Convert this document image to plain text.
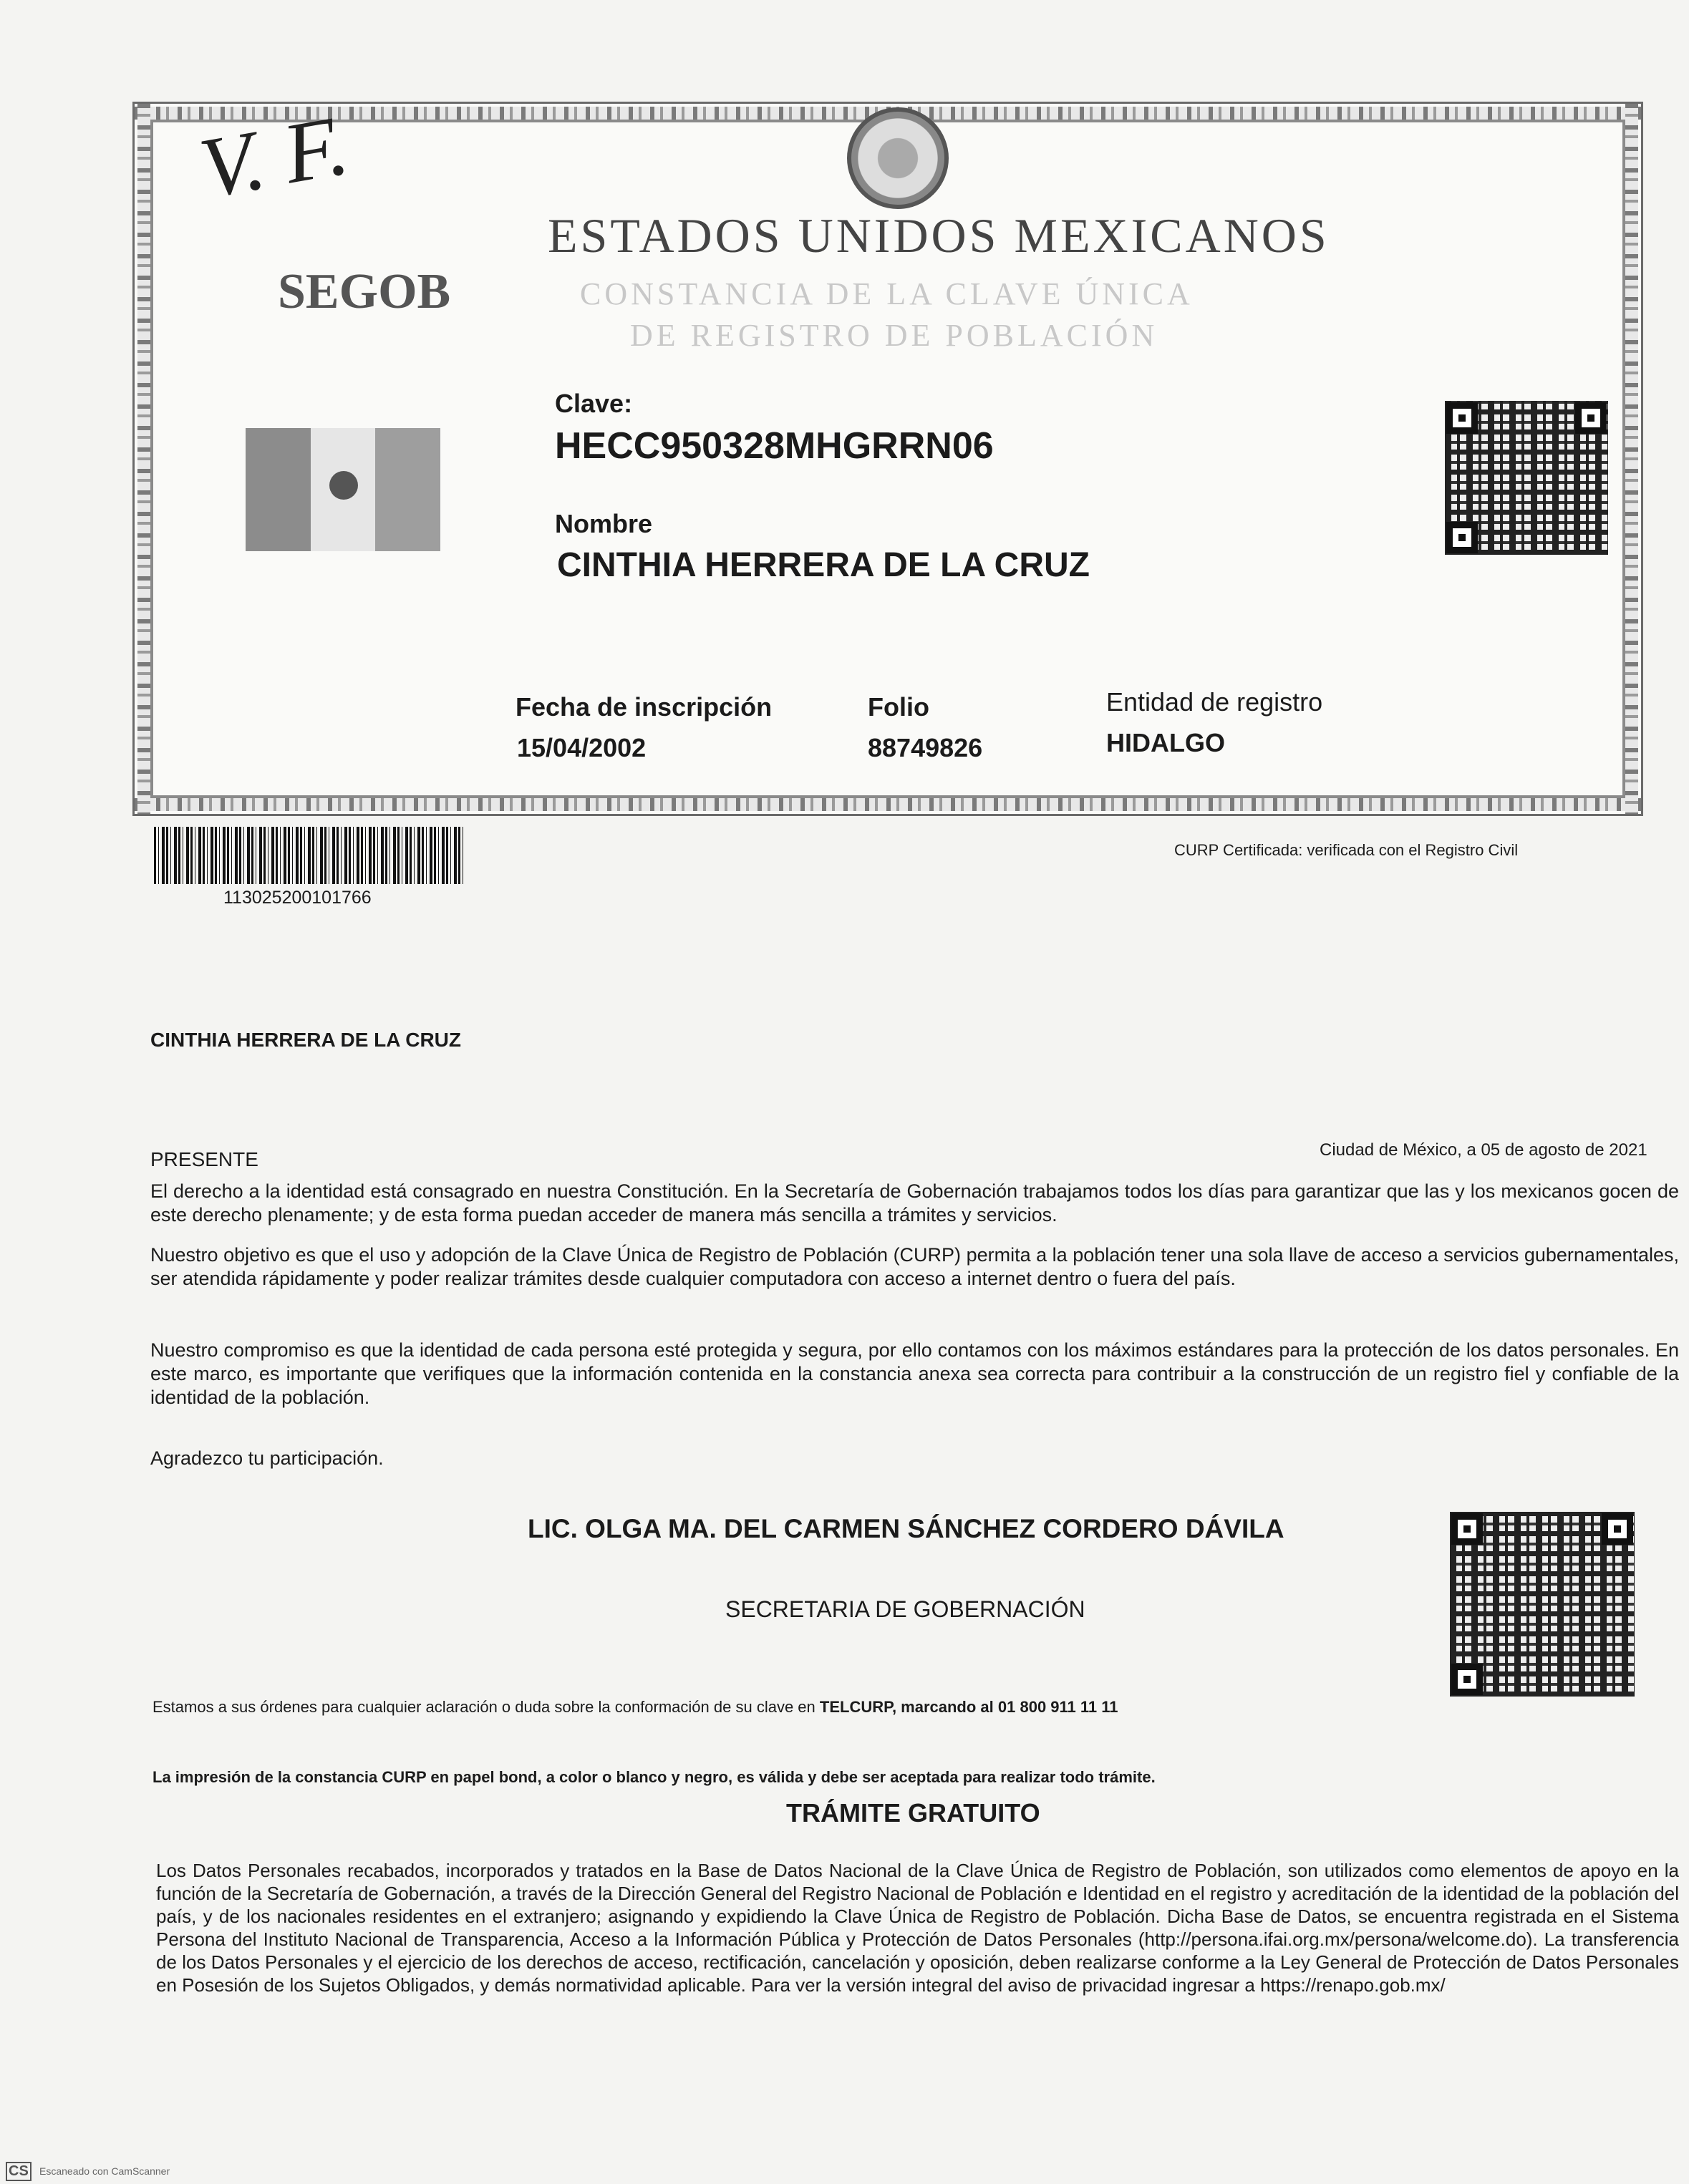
V. F.
ESTADOS UNIDOS MEXICANOS
SEGOB	CONSTANCIA DE LA CLAVE ÚNICA
DE REGISTRO DE POBLACIÓN
Clave:
HECC950328MHGRRN06
Nombre
CINTHIA HERRERA DE LA CRUZ
Fecha de inscripción
15/04/2002
Folio
88749826
Entidad de registro
HIDALGO
113025200101766
CURP Certificada: verificada con el Registro Civil
CINTHIA HERRERA DE LA CRUZ
PRESENTE	Ciudad de México, a 05 de agosto de 2021
El derecho a la identidad está consagrado en nuestra Constitución. En la Secretaría de Gobernación trabajamos todos los días para garantizar que las y los mexicanos gocen de este derecho plenamente; y de esta forma puedan acceder de manera más sencilla a trámites y servicios.
Nuestro objetivo es que el uso y adopción de la Clave Única de Registro de Población (CURP) permita a la población tener una sola llave de acceso a servicios gubernamentales, ser atendida rápidamente y poder realizar trámites desde cualquier computadora con acceso a internet dentro o fuera del país.
Nuestro compromiso es que la identidad de cada persona esté protegida y segura, por ello contamos con los máximos estándares para la protección de los datos personales. En este marco, es importante que verifiques que la información contenida en la constancia anexa sea correcta para contribuir a la construcción de un registro fiel y confiable de la identidad de la población.
Agradezco tu participación.
LIC. OLGA MA. DEL CARMEN SÁNCHEZ CORDERO DÁVILA
SECRETARIA DE GOBERNACIÓN
Estamos a sus órdenes para cualquier aclaración o duda sobre la conformación de su clave en TELCURP, marcando al 01 800 911 11 11
La impresión de la constancia CURP en papel bond, a color o blanco y negro, es válida y debe ser aceptada para realizar todo trámite.
TRÁMITE GRATUITO
Los Datos Personales recabados, incorporados y tratados en la Base de Datos Nacional de la Clave Única de Registro de Población, son utilizados como elementos de apoyo en la función de la Secretaría de Gobernación, a través de la Dirección General del Registro Nacional de Población e Identidad en el registro y acreditación de la identidad de la población del país, y de los nacionales residentes en el extranjero; asignando y expidiendo la Clave Única de Registro de Población. Dicha Base de Datos, se encuentra registrada en el Sistema Persona del Instituto Nacional de Transparencia, Acceso a la Información Pública y Protección de Datos Personales (http://persona.ifai.org.mx/persona/welcome.do). La transferencia de los Datos Personales y el ejercicio de los derechos de acceso, rectificación, cancelación y oposición, deben realizarse conforme a la Ley General de Protección de Datos Personales en Posesión de los Sujetos Obligados, y demás normatividad aplicable. Para ver la versión integral del aviso de privacidad ingresar a https://renapo.gob.mx/
CS Escaneado con CamScanner
